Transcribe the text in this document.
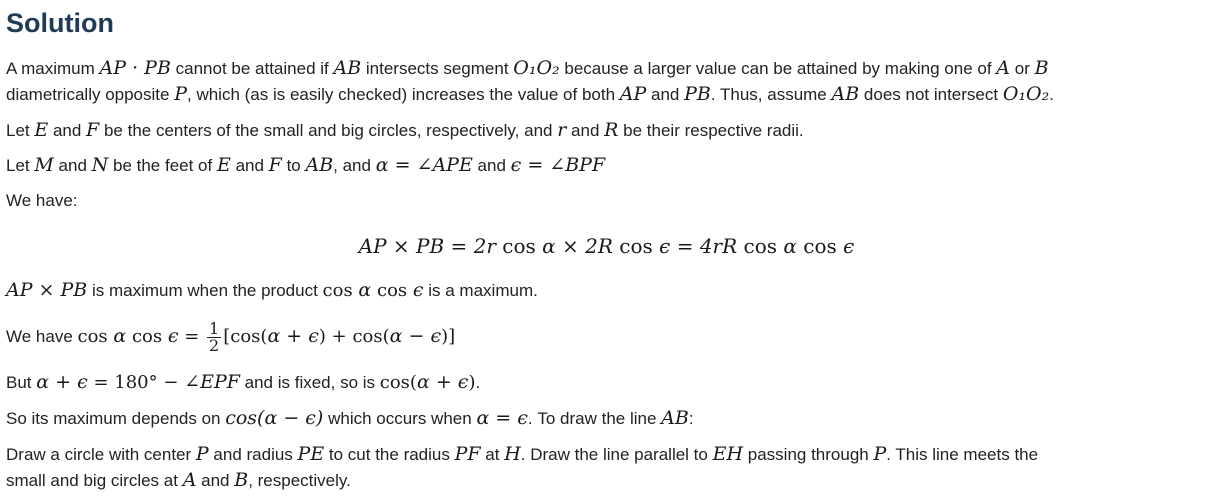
Solution

A maximum AP · PB cannot be attained if AB intersects segment O₁O₂ because a larger value can be attained by making one of A or B

diametrically opposite P, which (as is easily checked) increases the value of both AP and PB. Thus, assume AB does not intersect O₁O₂.

Let E and F be the centers of the small and big circles, respectively, and r and R be their respective radii.

Let M and N be the feet of E and F to AB, and α = ∠APE and ϵ = ∠BPF

We have:

AP × PB = 2r cos α × 2R cos ϵ = 4rR cos α cos ϵ

AP × PB is maximum when the product cos α cos ϵ is a maximum.

We have cos α $\cos \epsilon = \frac{1}{2} [\cos(\alpha + \epsilon) + \cos(\alpha - \epsilon)]$

But α + ϵ = 180° − ∠EPF and is fixed, so is cos(α + ϵ).

So its maximum depends on cos(α − ϵ) which occurs when α = ϵ. To draw the line AB:

Draw a circle with center P and radius PE to cut the radius PF at H. Draw the line parallel to EH passing through P. This line meets the

small and big circles at A and B, respectively.
